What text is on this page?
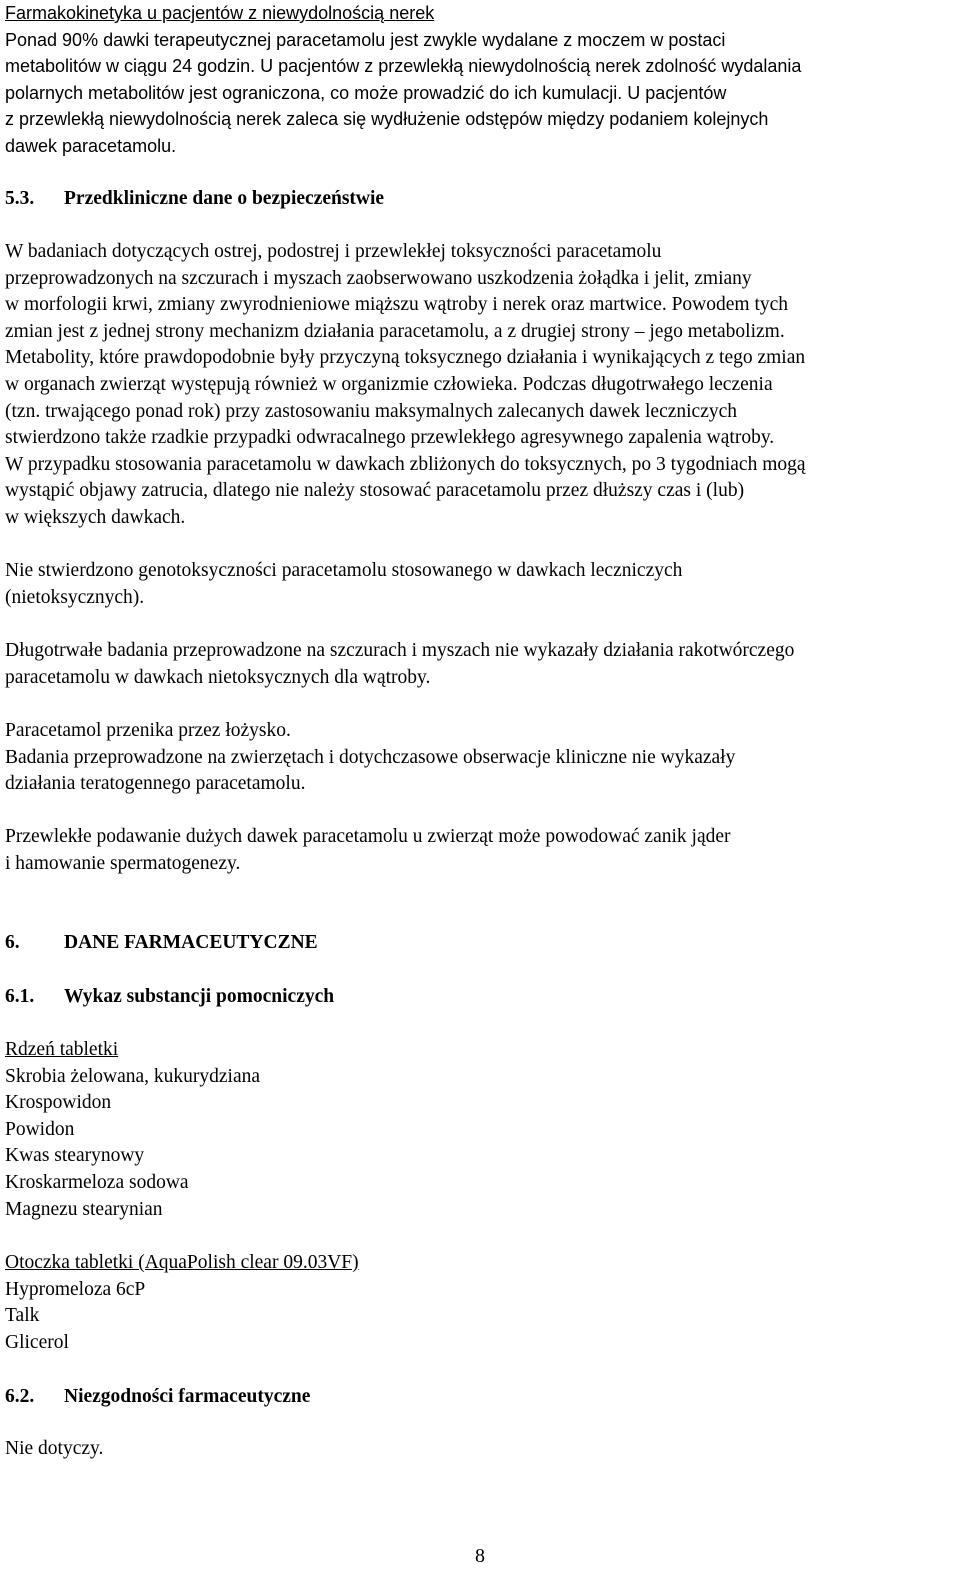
Farmakokinetyka u pacjentów z niewydolnością nerek
Ponad 90% dawki terapeutycznej paracetamolu jest zwykle wydalane z moczem w postaci
metabolitów w ciągu 24 godzin. U pacjentów z przewlekłą niewydolnością nerek zdolność wydalania
polarnych metabolitów jest ograniczona, co może prowadzić do ich kumulacji. U pacjentów
z przewlekłą niewydolnością nerek zaleca się wydłużenie odstępów między podaniem kolejnych
dawek paracetamolu.
5.3. Przedkliniczne dane o bezpieczeństwie
W badaniach dotyczących ostrej, podostrej i przewlekłej toksyczności paracetamolu
przeprowadzonych na szczurach i myszach zaobserwowano uszkodzenia żołądka i jelit, zmiany
w morfologii krwi, zmiany zwyrodnieniowe miąższu wątroby i nerek oraz martwice. Powodem tych
zmian jest z jednej strony mechanizm działania paracetamolu, a z drugiej strony – jego metabolizm.
Metabolity, które prawdopodobnie były przyczyną toksycznego działania i wynikających z tego zmian
w organach zwierząt występują również w organizmie człowieka. Podczas długotrwałego leczenia
(tzn. trwającego ponad rok) przy zastosowaniu maksymalnych zalecanych dawek leczniczych
stwierdzono także rzadkie przypadki odwracalnego przewlekłego agresywnego zapalenia wątroby.
W przypadku stosowania paracetamolu w dawkach zbliżonych do toksycznych, po 3 tygodniach mogą
wystąpić objawy zatrucia, dlatego nie należy stosować paracetamolu przez dłuższy czas i (lub)
w większych dawkach.
Nie stwierdzono genotoksyczności paracetamolu stosowanego w dawkach leczniczych
(nietoksycznych).
Długotrwałe badania przeprowadzone na szczurach i myszach nie wykazały działania rakotwórczego
paracetamolu w dawkach nietoksycznych dla wątroby.
Paracetamol przenika przez łożysko.
Badania przeprowadzone na zwierzętach i dotychczasowe obserwacje kliniczne nie wykazały
działania teratogennego paracetamolu.
Przewlekłe podawanie dużych dawek paracetamolu u zwierząt może powodować zanik jąder
i hamowanie spermatogenezy.
6. DANE FARMACEUTYCZNE
6.1. Wykaz substancji pomocniczych
Rdzeń tabletki
Skrobia żelowana, kukurydziana
Krospowidon
Powidon
Kwas stearynowy
Kroskarmeloza sodowa
Magnezu stearynian
Otoczka tabletki (AquaPolish clear 09.03VF)
Hypromeloza 6cP
Talk
Glicerol
6.2. Niezgodności farmaceutyczne
Nie dotyczy.
8
